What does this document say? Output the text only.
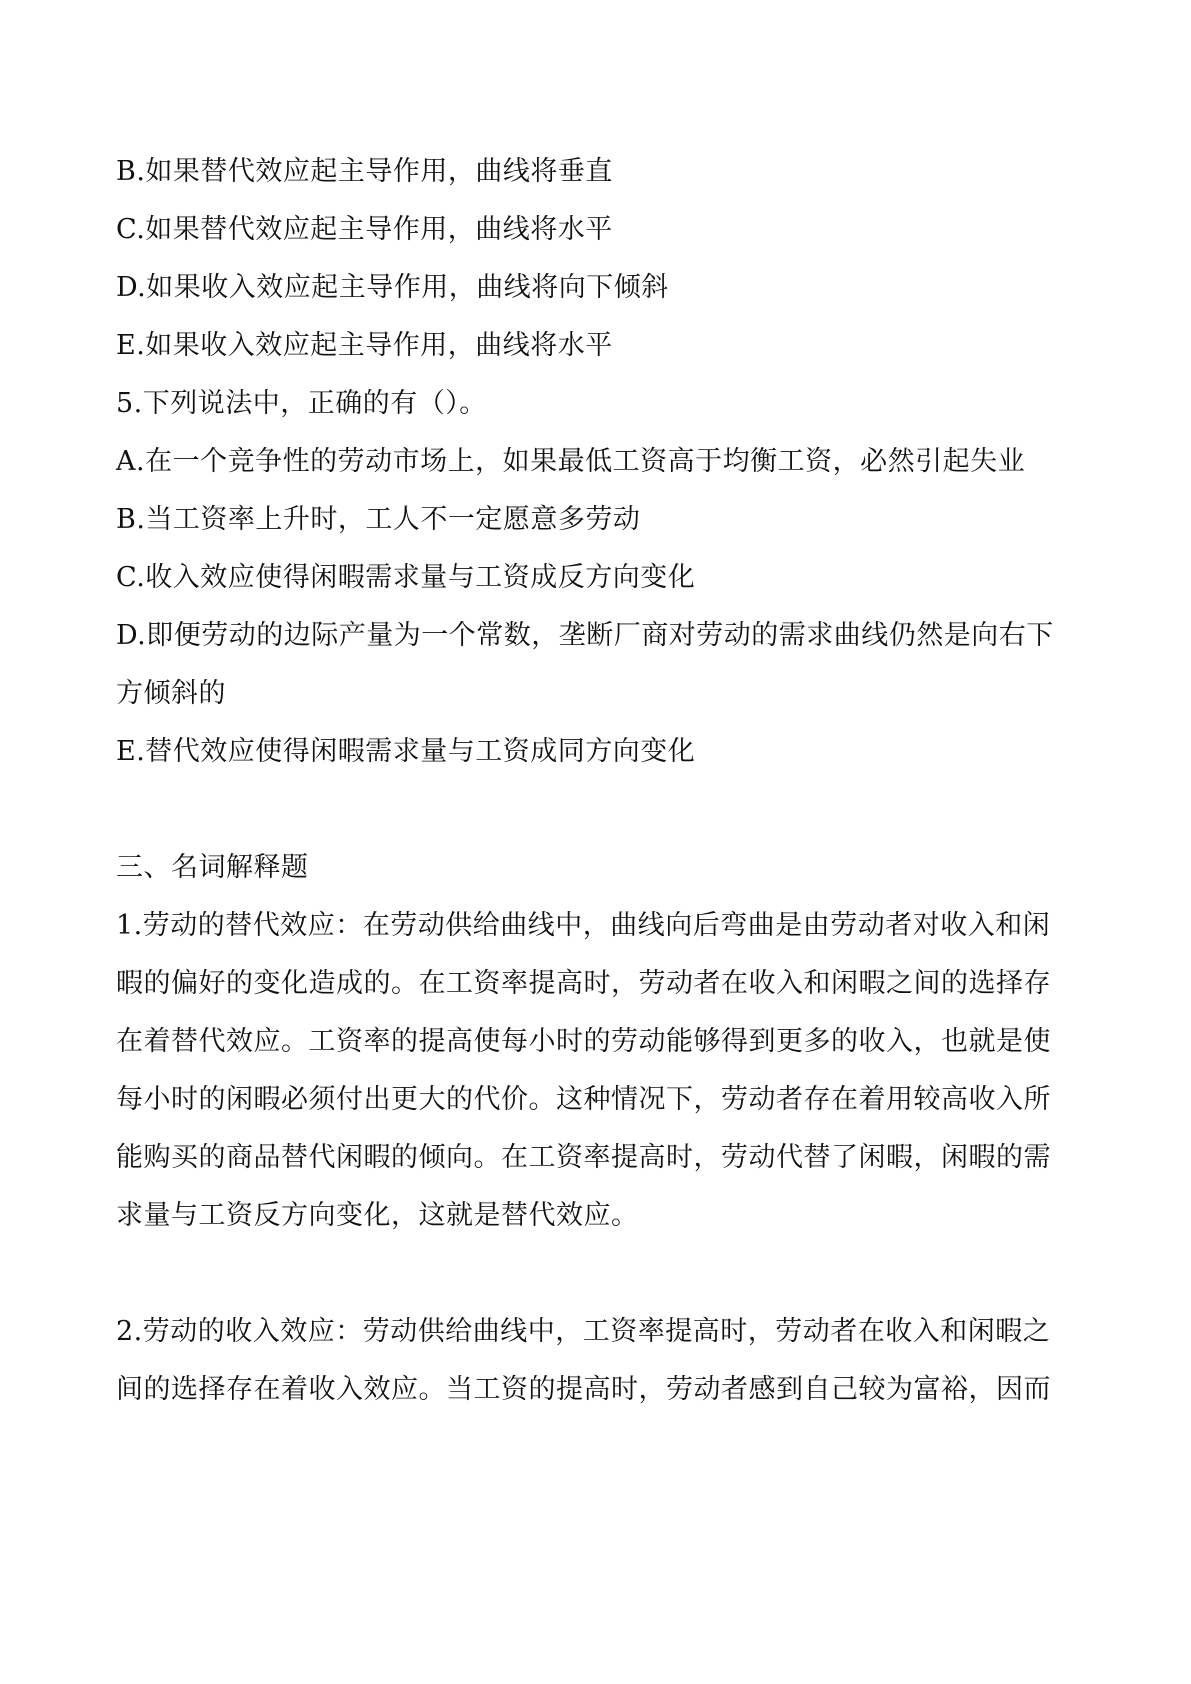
B.如果替代效应起主导作用，曲线将垂直
C.如果替代效应起主导作用，曲线将水平
D.如果收入效应起主导作用，曲线将向下倾斜
E.如果收入效应起主导作用，曲线将水平
5.下列说法中，正确的有（）。
A.在一个竞争性的劳动市场上，如果最低工资高于均衡工资，必然引起失业
B.当工资率上升时，工人不一定愿意多劳动
C.收入效应使得闲暇需求量与工资成反方向变化
D.即便劳动的边际产量为一个常数，垄断厂商对劳动的需求曲线仍然是向右下
方倾斜的
E.替代效应使得闲暇需求量与工资成同方向变化
三、名词解释题
1.劳动的替代效应：在劳动供给曲线中，曲线向后弯曲是由劳动者对收入和闲
暇的偏好的变化造成的。在工资率提高时，劳动者在收入和闲暇之间的选择存
在着替代效应。工资率的提高使每小时的劳动能够得到更多的收入，也就是使
每小时的闲暇必须付出更大的代价。这种情况下，劳动者存在着用较高收入所
能购买的商品替代闲暇的倾向。在工资率提高时，劳动代替了闲暇，闲暇的需
求量与工资反方向变化，这就是替代效应。
2.劳动的收入效应：劳动供给曲线中，工资率提高时，劳动者在收入和闲暇之
间的选择存在着收入效应。当工资的提高时，劳动者感到自己较为富裕，因而
